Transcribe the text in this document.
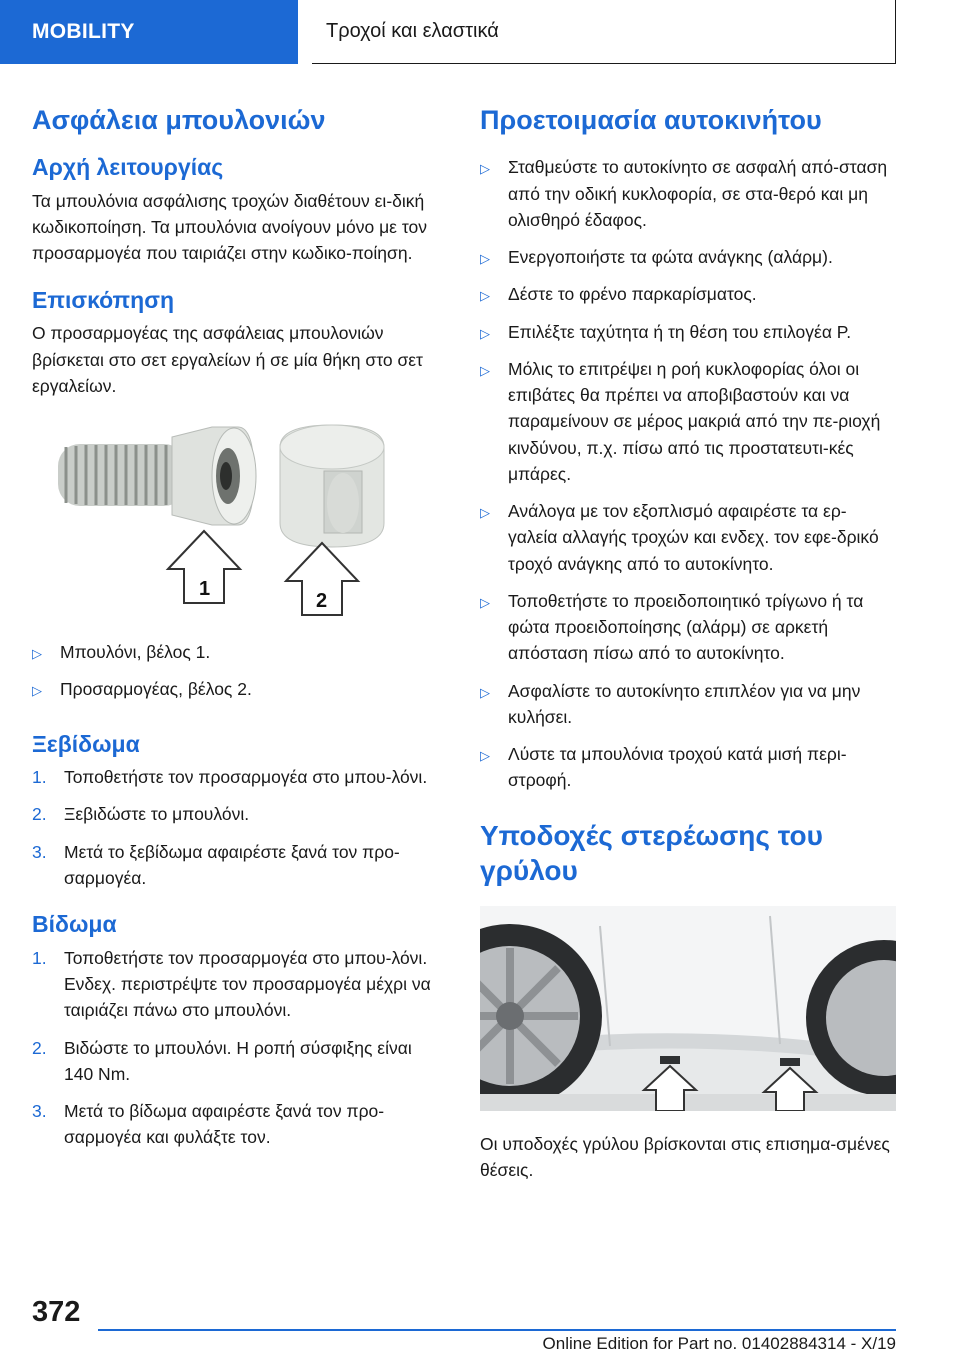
MOBILITY	Τροχοί και ελαστικά
Ασφάλεια μπουλονιών
Αρχή λειτουργίας

Τα μπουλόνια ασφάλισης τροχών διαθέτουν ει-δική κωδικοποίηση. Τα μπουλόνια ανοίγουν μόνο με τον προσαρμογέα που ταιριάζει στην κωδικο-ποίηση.

Επισκόπηση

Ο προσαρμογέας της ασφάλειας μπουλονιών βρίσκεται στο σετ εργαλείων ή σε μία θήκη στο σετ εργαλείων.

1
2
▷	Μπουλόνι, βέλος 1.
▷	Προσαρμογέας, βέλος 2.
Ξεβίδωμα
1. Τοποθετήστε τον προσαρμογέα στο μπου-λόνι.
2. Ξεβιδώστε το μπουλόνι.
3. Μετά το ξεβίδωμα αφαιρέστε ξανά τον προ-σαρμογέα.
Βίδωμα
1. Τοποθετήστε τον προσαρμογέα στο μπου-λόνι. Ενδεχ. περιστρέψτε τον προσαρμογέα μέχρι να ταιριάζει πάνω στο μπουλόνι.
2. Βιδώστε το μπουλόνι. Η ροπή σύσφιξης είναι 140 Nm.
3. Μετά το βίδωμα αφαιρέστε ξανά τον προ-σαρμογέα και φυλάξτε τον.
Προετοιμασία αυτοκινήτου
▷	Σταθμεύστε το αυτοκίνητο σε ασφαλή από-σταση από την οδική κυκλοφορία, σε στα-θερό και μη ολισθηρό έδαφος.
▷	Ενεργοποιήστε τα φώτα ανάγκης (αλάρμ).
▷	Δέστε το φρένο παρκαρίσματος.
▷	Επιλέξτε ταχύτητα ή τη θέση του επιλογέα P.
▷	Μόλις το επιτρέψει η ροή κυκλοφορίας όλοι οι επιβάτες θα πρέπει να αποβιβαστούν και να παραμείνουν σε μέρος μακριά από την πε-ριοχή κινδύνου, π.χ. πίσω από τις προστατευτι-κές μπάρες.
▷	Ανάλογα με τον εξοπλισμό αφαιρέστε τα ερ-γαλεία αλλαγής τροχών και ενδεχ. τον εφε-δρικό τροχό ανάγκης από το αυτοκίνητο.
▷	Τοποθετήστε το προειδοποιητικό τρίγωνο ή τα φώτα προειδοποίησης (αλάρμ) σε αρκετή απόσταση πίσω από το αυτοκίνητο.
▷	Ασφαλίστε το αυτοκίνητο επιπλέον για να μην κυλήσει.
▷	Λύστε τα μπουλόνια τροχού κατά μισή περι-στροφή.
Υποδοχές στερέωσης του γρύλου

Οι υποδοχές γρύλου βρίσκονται στις επισημα-σμένες θέσεις.

372
Online Edition for Part no. 01402884314 - X/19
